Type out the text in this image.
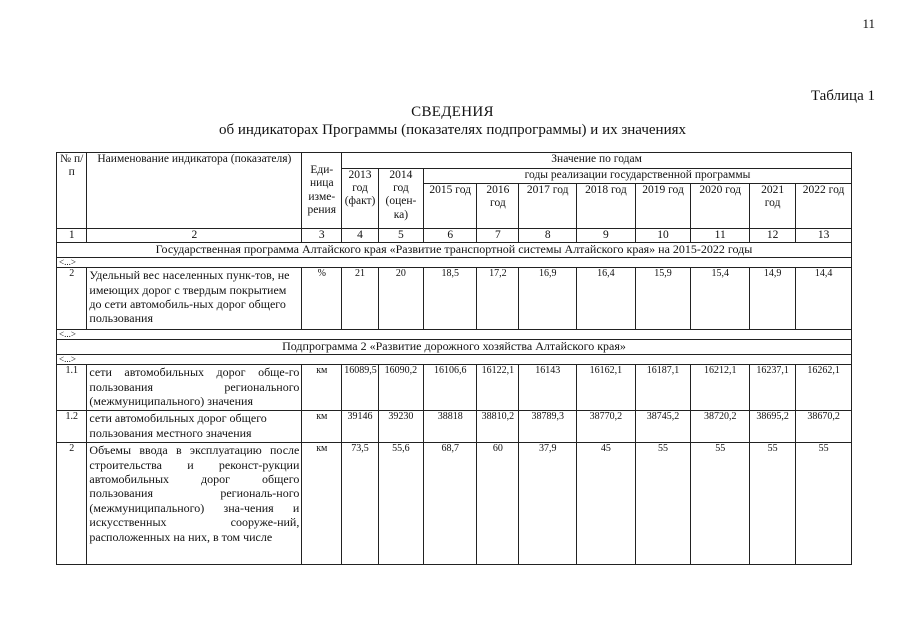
11
Таблица 1
СВЕДЕНИЯ
об индикаторах Программы (показателях подпрограммы) и их значениях
№ п/п	Наименование индикатора (показателя)	Еди-ница изме-рения	Значение по годам									
			2013 год (факт)	2014 год (оцен-ка)	годы реализации государственной программы							
					2015 год	2016 год	2017 год	2018 год	2019 год	2020 год	2021 год	2022 год
1	2	3	4	5	6	7	8	9	10	11	12	13
Государственная программа Алтайского края «Развитие транспортной системы Алтайского края» на 2015-2022 годы												
<...>												
2	Удельный вес населенных пунк-тов, не имеющих дорог с твердым покрытием до сети автомобиль-ных дорог общего пользования	%	21	20	18,5	17,2	16,9	16,4	15,9	15,4	14,9	14,4
<...>												
Подпрограмма 2 «Развитие дорожного хозяйства Алтайского края»												
<...>												
1.1	сети автомобильных дорог обще-го пользования регионального (межмуниципального) значения	км	16089,5	16090,2	16106,6	16122,1	16143	16162,1	16187,1	16212,1	16237,1	16262,1
1.2	сети автомобильных дорог общего пользования местного значения	км	39146	39230	38818	38810,2	38789,3	38770,2	38745,2	38720,2	38695,2	38670,2
2	Объемы ввода в эксплуатацию после строительства и реконст-рукции автомобильных дорог общего пользования региональ-ного (межмуниципального) зна-чения и искусственных сооруже-ний, расположенных на них, в том числе	км	73,5	55,6	68,7	60	37,9	45	55	55	55	55
